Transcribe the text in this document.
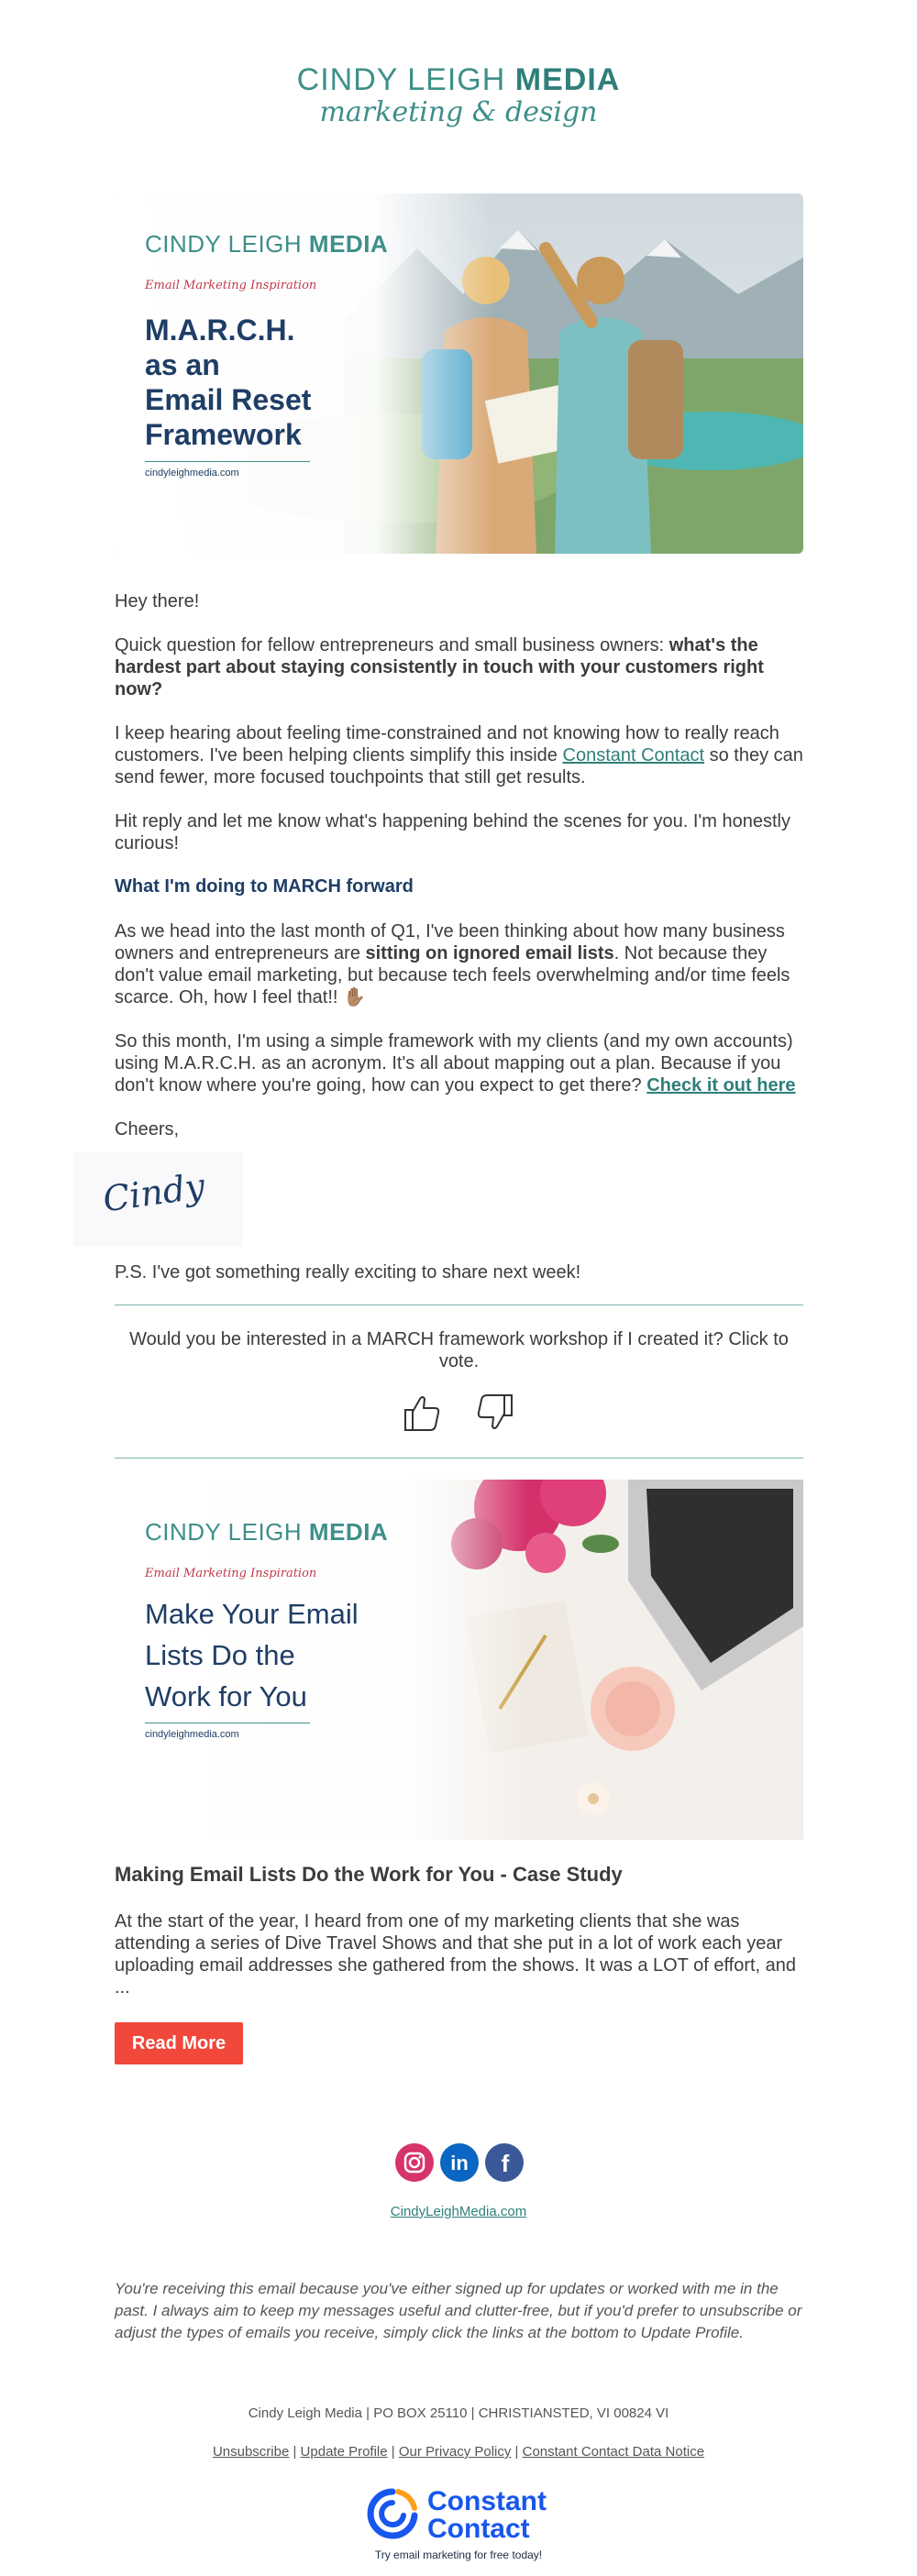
CINDY LEIGH MEDIA
marketing & design
CINDY LEIGH MEDIA
Email Marketing Inspiration
M.A.R.C.H.
as an
Email Reset
Framework
cindyleighmedia.com

Hey there!

Quick question for fellow entrepreneurs and small business owners: what's the hardest part about staying consistently in touch with your customers right now?

I keep hearing about feeling time-constrained and not knowing how to really reach customers. I've been helping clients simplify this inside Constant Contact so they can send fewer, more focused touchpoints that still get results.

Hit reply and let me know what's happening behind the scenes for you. I'm honestly curious!

What I'm doing to MARCH forward

As we head into the last month of Q1, I've been thinking about how many business owners and entrepreneurs are sitting on ignored email lists. Not because they don't value email marketing, but because tech feels overwhelming and/or time feels scarce. Oh, how I feel that!! ✋🏽

So this month, I'm using a simple framework with my clients (and my own accounts) using M.A.R.C.H. as an acronym. It's all about mapping out a plan. Because if you don't know where you're going, how can you expect to get there? Check it out here

Cheers,

Cindy

P.S. I've got something really exciting to share next week!

Would you be interested in a MARCH framework workshop if I created it? Click to vote.
CINDY LEIGH MEDIA
Email Marketing Inspiration
Make Your Email
Lists Do the
Work for You
cindyleighmedia.com
Making Email Lists Do the Work for You - Case Study

At the start of the year, I heard from one of my marketing clients that she was attending a series of Dive Travel Shows and that she put in a lot of work each year uploading email addresses she gathered from the shows. It was a LOT of effort, and ...

Read More
in f
CindyLeighMedia.com
You're receiving this email because you've either signed up for updates or worked with me in the past. I always aim to keep my messages useful and clutter-free, but if you'd prefer to unsubscribe or adjust the types of emails you receive, simply click the links at the bottom to Update Profile.
Cindy Leigh Media | PO BOX 25110 | CHRISTIANSTED, VI 00824 VI
Unsubscribe | Update Profile | Our Privacy Policy | Constant Contact Data Notice
Constant
Contact
Try email marketing for free today!
